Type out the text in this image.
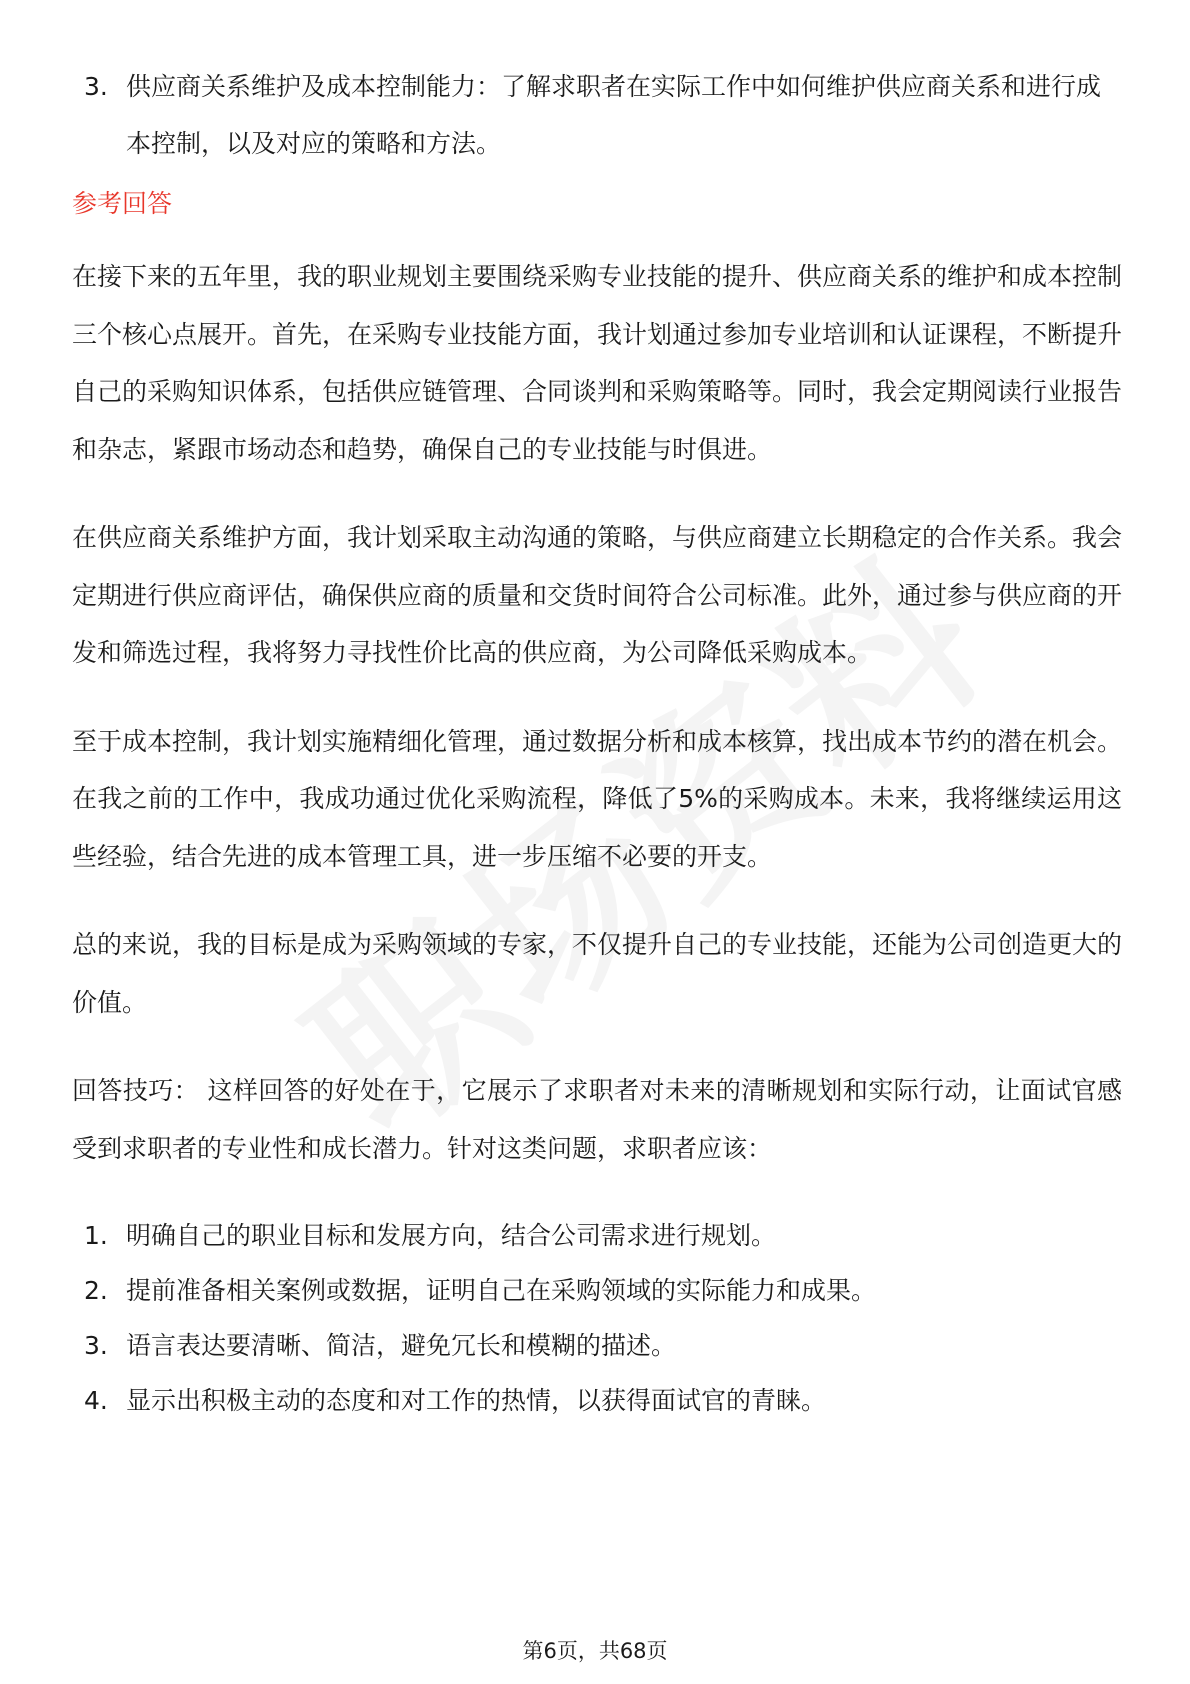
3. 供应商关系维护及成本控制能力：了解求职者在实际工作中如何维护供应商关系和进行成本控制，以及对应的策略和方法。
参考回答

在接下来的五年里，我的职业规划主要围绕采购专业技能的提升、供应商关系的维护和成本控制三个核心点展开。首先，在采购专业技能方面，我计划通过参加专业培训和认证课程，不断提升自己的采购知识体系，包括供应链管理、合同谈判和采购策略等。同时，我会定期阅读行业报告和杂志，紧跟市场动态和趋势，确保自己的专业技能与时俱进。

在供应商关系维护方面，我计划采取主动沟通的策略，与供应商建立长期稳定的合作关系。我会定期进行供应商评估，确保供应商的质量和交货时间符合公司标准。此外，通过参与供应商的开发和筛选过程，我将努力寻找性价比高的供应商，为公司降低采购成本。

至于成本控制，我计划实施精细化管理，通过数据分析和成本核算，找出成本节约的潜在机会。在我之前的工作中，我成功通过优化采购流程，降低了5%的采购成本。未来，我将继续运用这些经验，结合先进的成本管理工具，进一步压缩不必要的开支。

总的来说，我的目标是成为采购领域的专家，不仅提升自己的专业技能，还能为公司创造更大的价值。

回答技巧： 这样回答的好处在于，它展示了求职者对未来的清晰规划和实际行动，让面试官感受到求职者的专业性和成长潜力。针对这类问题，求职者应该：

1. 明确自己的职业目标和发展方向，结合公司需求进行规划。
2. 提前准备相关案例或数据，证明自己在采购领域的实际能力和成果。
3. 语言表达要清晰、简洁，避免冗长和模糊的描述。
4. 显示出积极主动的态度和对工作的热情，以获得面试官的青睐。
第6页，共68页
